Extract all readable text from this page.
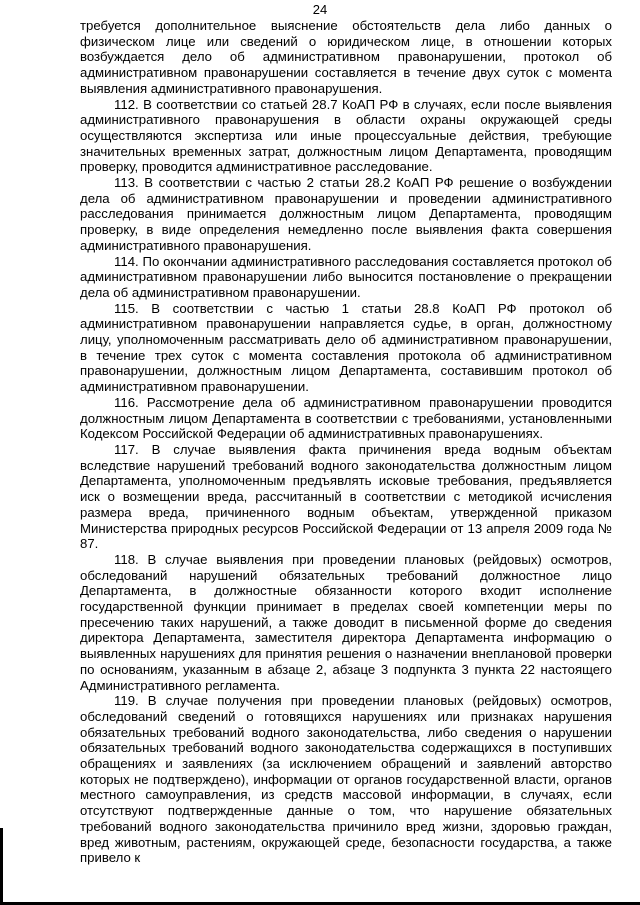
24

требуется дополнительное выяснение обстоятельств дела либо данных о физическом лице или сведений о юридическом лице, в отношении которых возбуждается дело об административном правонарушении, протокол об административном правонарушении составляется в течение двух суток с момента выявления административного правонарушения.

112. В соответствии со статьей 28.7 КоАП РФ в случаях, если после выявления административного правонарушения в области охраны окружающей среды осуществляются экспертиза или иные процессуальные действия, требующие значительных временных затрат, должностным лицом Департамента, проводящим проверку, проводится административное расследование.

113. В соответствии с частью 2 статьи 28.2 КоАП РФ решение о возбуждении дела об административном правонарушении и проведении административного расследования принимается должностным лицом Департамента, проводящим проверку, в виде определения немедленно после выявления факта совершения административного правонарушения.

114. По окончании административного расследования составляется протокол об административном правонарушении либо выносится постановление о прекращении дела об административном правонарушении.

115. В соответствии с частью 1 статьи 28.8 КоАП РФ протокол об административном правонарушении направляется судье, в орган, должностному лицу, уполномоченным рассматривать дело об административном правонарушении, в течение трех суток с момента составления протокола об административном правонарушении, должностным лицом Департамента, составившим протокол об административном правонарушении.

116. Рассмотрение дела об административном правонарушении проводится должностным лицом Департамента в соответствии с требованиями, установленными Кодексом Российской Федерации об административных правонарушениях.

117. В случае выявления факта причинения вреда водным объектам вследствие нарушений требований водного законодательства должностным лицом Департамента, уполномоченным предъявлять исковые требования, предъявляется иск о возмещении вреда, рассчитанный в соответствии с методикой исчисления размера вреда, причиненного водным объектам, утвержденной приказом Министерства природных ресурсов Российской Федерации от 13 апреля 2009 года № 87.

118. В случае выявления при проведении плановых (рейдовых) осмотров, обследований нарушений обязательных требований должностное лицо Департамента, в должностные обязанности которого входит исполнение государственной функции принимает в пределах своей компетенции меры по пресечению таких нарушений, а также доводит в письменной форме до сведения директора Департамента, заместителя директора Департамента информацию о выявленных нарушениях для принятия решения о назначении внеплановой проверки по основаниям, указанным в абзаце 2, абзаце 3 подпункта 3 пункта 22 настоящего Административного регламента.

119. В случае получения при проведении плановых (рейдовых) осмотров, обследований сведений о готовящихся нарушениях или признаках нарушения обязательных требований водного законодательства, либо сведения о нарушении обязательных требований водного законодательства содержащихся в поступивших обращениях и заявлениях (за исключением обращений и заявлений авторство которых не подтверждено), информации от органов государственной власти, органов местного самоуправления, из средств массовой информации, в случаях, если отсутствуют подтвержденные данные о том, что нарушение обязательных требований водного законодательства причинило вред жизни, здоровью граждан, вред животным, растениям, окружающей среде, безопасности государства, а также привело к
